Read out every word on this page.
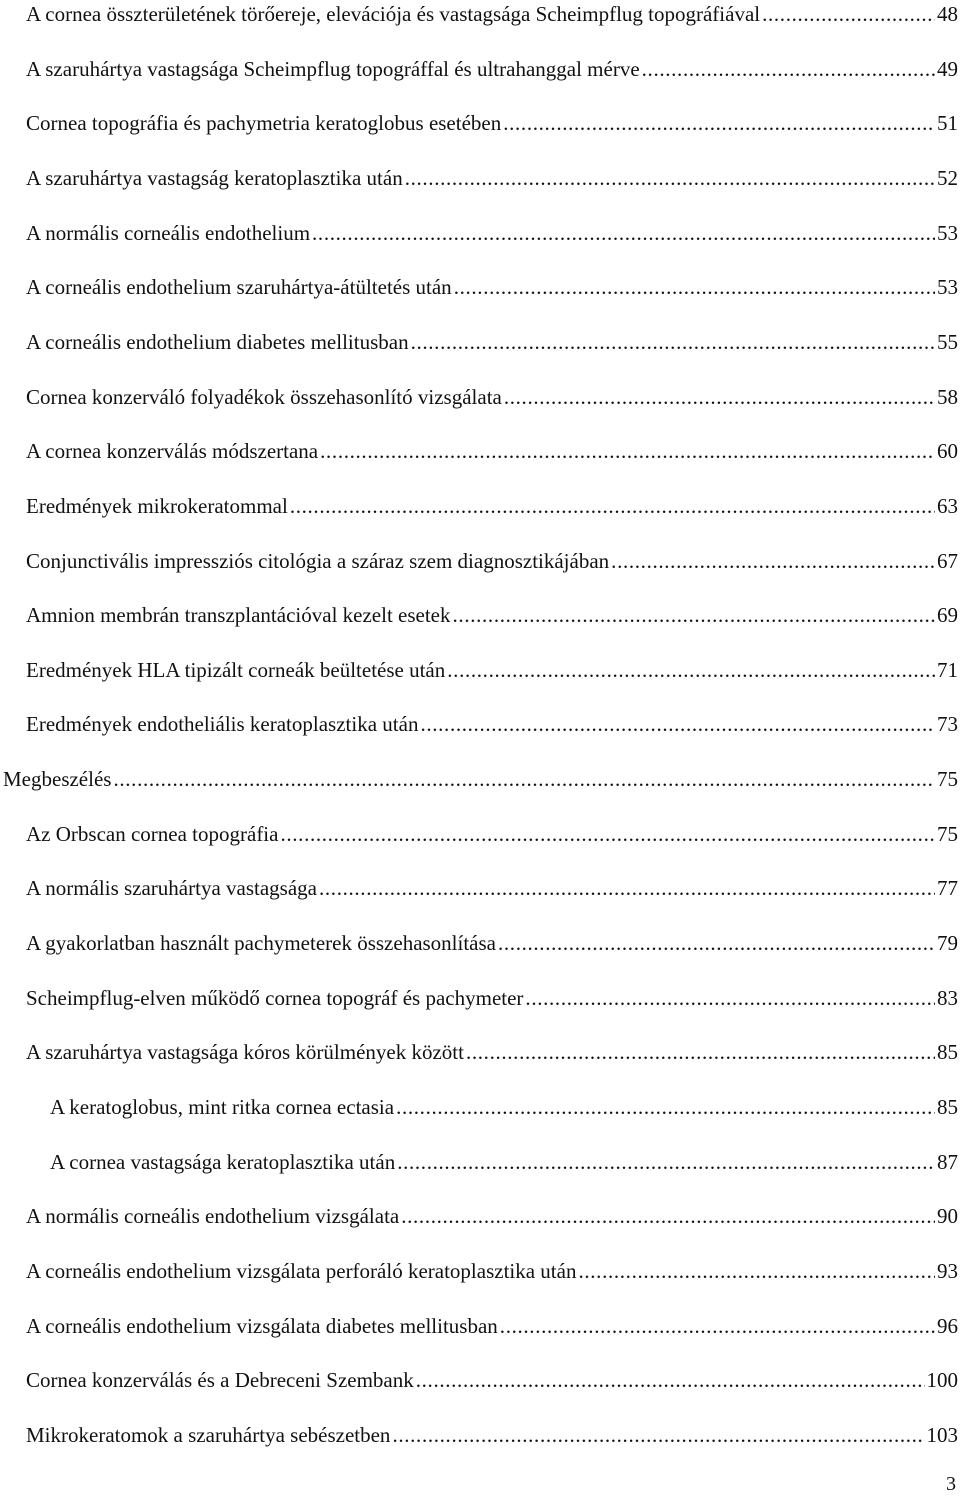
A cornea összterületének törőereje, elevációja és vastagsága Scheimpflug topográfiával . . .	48
A szaruhártya vastagsága Scheimpflug topográffal és ultrahanggal mérve . . .	49
Cornea topográfia és pachymetria keratoglobus esetében . . .	51
A szaruhártya vastagság keratoplasztika után . . .	52
A normális corneális endothelium . . .	53
A corneális endothelium szaruhártya-átültetés után . . .	53
A corneális endothelium diabetes mellitusban . . .	55
Cornea konzerváló folyadékok összehasonlító vizsgálata . . .	58
A cornea konzerválás módszertana . . .	60
Eredmények mikrokeratommal . . .	63
Conjunctivális impressziós citológia a száraz szem diagnosztikájában . . .	67
Amnion membrán transzplantációval kezelt esetek . . .	69
Eredmények HLA tipizált corneák beültetése után . . .	71
Eredmények endotheliális keratoplasztika után . . .	73
Megbeszélés . . .	75
Az Orbscan cornea topográfia . . .	75
A normális szaruhártya vastagsága . . .	77
A gyakorlatban használt pachymeterek összehasonlítása . . .	79
Scheimpflug-elven működő cornea topográf és pachymeter . . .	83
A szaruhártya vastagsága kóros körülmények között . . .	85
A keratoglobus, mint ritka cornea ectasia . . .	85
A cornea vastagsága keratoplasztika után . . .	87
A normális corneális endothelium vizsgálata . . .	90
A corneális endothelium vizsgálata perforáló keratoplasztika után . . .	93
A corneális endothelium vizsgálata diabetes mellitusban . . .	96
Cornea konzerválás és a Debreceni Szembank . . .	100
Mikrokeratomok a szaruhártya sebészetben . . .	103
3
